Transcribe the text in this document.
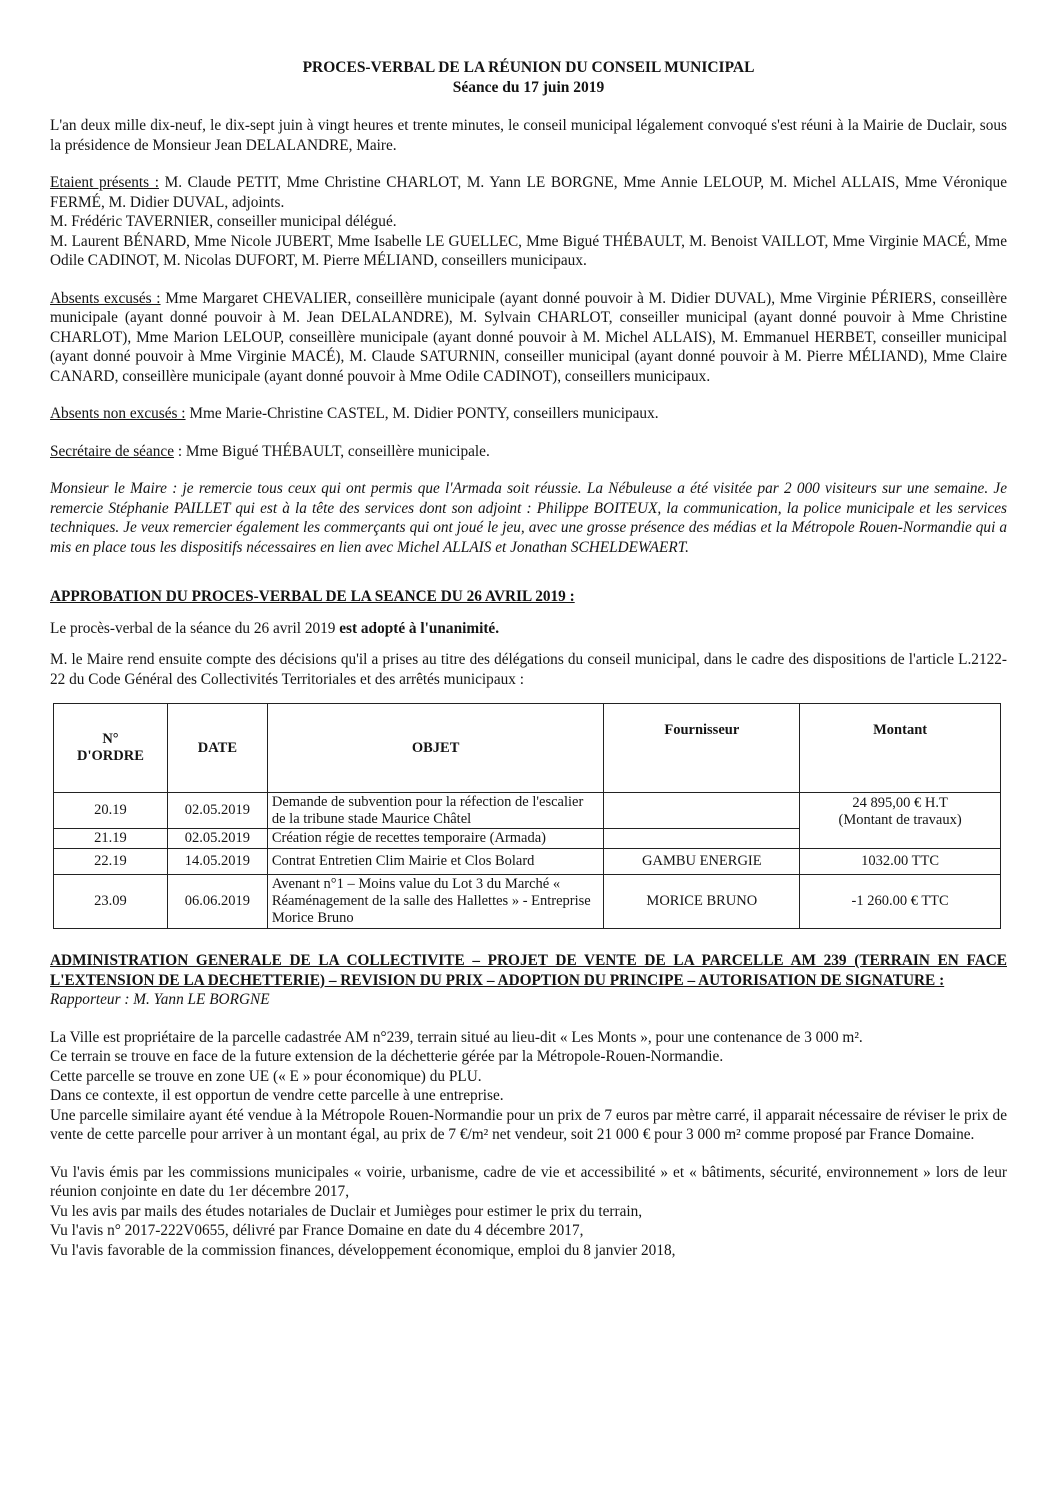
PROCES-VERBAL DE LA RÉUNION DU CONSEIL MUNICIPAL
Séance du 17 juin 2019

L'an deux mille dix-neuf, le dix-sept juin à vingt heures et trente minutes, le conseil municipal légalement convoqué s'est réuni à la Mairie de Duclair, sous la présidence de Monsieur Jean DELALANDRE, Maire.

Etaient présents : M. Claude PETIT, Mme Christine CHARLOT, M. Yann LE BORGNE, Mme Annie LELOUP, M. Michel ALLAIS, Mme Véronique FERMÉ, M. Didier DUVAL, adjoints.

M. Frédéric TAVERNIER, conseiller municipal délégué.

M. Laurent BÉNARD, Mme Nicole JUBERT, Mme Isabelle LE GUELLEC, Mme Bigué THÉBAULT, M. Benoist VAILLOT, Mme Virginie MACÉ, Mme Odile CADINOT, M. Nicolas DUFORT, M. Pierre MÉLIAND, conseillers municipaux.

Absents excusés : Mme Margaret CHEVALIER, conseillère municipale (ayant donné pouvoir à M. Didier DUVAL), Mme Virginie PÉRIERS, conseillère municipale (ayant donné pouvoir à M. Jean DELALANDRE), M. Sylvain CHARLOT, conseiller municipal (ayant donné pouvoir à Mme Christine CHARLOT), Mme Marion LELOUP, conseillère municipale (ayant donné pouvoir à M. Michel ALLAIS), M. Emmanuel HERBET, conseiller municipal (ayant donné pouvoir à Mme Virginie MACÉ), M. Claude SATURNIN, conseiller municipal (ayant donné pouvoir à M. Pierre MÉLIAND), Mme Claire CANARD, conseillère municipale (ayant donné pouvoir à Mme Odile CADINOT), conseillers municipaux.

Absents non excusés : Mme Marie-Christine CASTEL, M. Didier PONTY, conseillers municipaux.

Secrétaire de séance : Mme Bigué THÉBAULT, conseillère municipale.

Monsieur le Maire : je remercie tous ceux qui ont permis que l'Armada soit réussie. La Nébuleuse a été visitée par 2 000 visiteurs sur une semaine. Je remercie Stéphanie PAILLET qui est à la tête des services dont son adjoint : Philippe BOITEUX, la communication, la police municipale et les services techniques. Je veux remercier également les commerçants qui ont joué le jeu, avec une grosse présence des médias et la Métropole Rouen-Normandie qui a mis en place tous les dispositifs nécessaires en lien avec Michel ALLAIS et Jonathan SCHELDEWAERT.

APPROBATION DU PROCES-VERBAL DE LA SEANCE DU 26 AVRIL 2019 :

Le procès-verbal de la séance du 26 avril 2019 est adopté à l'unanimité.

M. le Maire rend ensuite compte des décisions qu'il a prises au titre des délégations du conseil municipal, dans le cadre des dispositions de l'article L.2122-22 du Code Général des Collectivités Territoriales et des arrêtés municipaux :

N°
D'ORDRE	DATE	OBJET	Fournisseur	Montant
20.19	02.05.2019	Demande de subvention pour la réfection de l'escalier de la tribune stade Maurice Châtel		24 895,00 € H.T
(Montant de travaux)

21.19	02.05.2019	Création régie de recettes temporaire (Armada)		
22.19	14.05.2019	Contrat Entretien Clim Mairie et Clos Bolard	GAMBU ENERGIE	1032.00 TTC
23.09	06.06.2019	Avenant n°1 – Moins value du Lot 3 du Marché « Réaménagement de la salle des Hallettes » - Entreprise Morice Bruno	MORICE BRUNO	-1 260.00 € TTC
ADMINISTRATION GENERALE DE LA COLLECTIVITE – PROJET DE VENTE DE LA PARCELLE AM 239 (TERRAIN EN FACE L'EXTENSION DE LA DECHETTERIE) – REVISION DU PRIX – ADOPTION DU PRINCIPE – AUTORISATION DE SIGNATURE :

Rapporteur : M. Yann LE BORGNE

La Ville est propriétaire de la parcelle cadastrée AM n°239, terrain situé au lieu-dit « Les Monts », pour une contenance de 3 000 m².

Ce terrain se trouve en face de la future extension de la déchetterie gérée par la Métropole-Rouen-Normandie.

Cette parcelle se trouve en zone UE (« E » pour économique) du PLU.

Dans ce contexte, il est opportun de vendre cette parcelle à une entreprise.

Une parcelle similaire ayant été vendue à la Métropole Rouen-Normandie pour un prix de 7 euros par mètre carré, il apparait nécessaire de réviser le prix de vente de cette parcelle pour arriver à un montant égal, au prix de 7 €/m² net vendeur, soit 21 000 € pour 3 000 m² comme proposé par France Domaine.

Vu l'avis émis par les commissions municipales « voirie, urbanisme, cadre de vie et accessibilité » et « bâtiments, sécurité, environnement » lors de leur réunion conjointe en date du 1er décembre 2017,

Vu les avis par mails des études notariales de Duclair et Jumièges pour estimer le prix du terrain,

Vu l'avis n° 2017-222V0655, délivré par France Domaine en date du 4 décembre 2017,

Vu l'avis favorable de la commission finances, développement économique, emploi du 8 janvier 2018,
